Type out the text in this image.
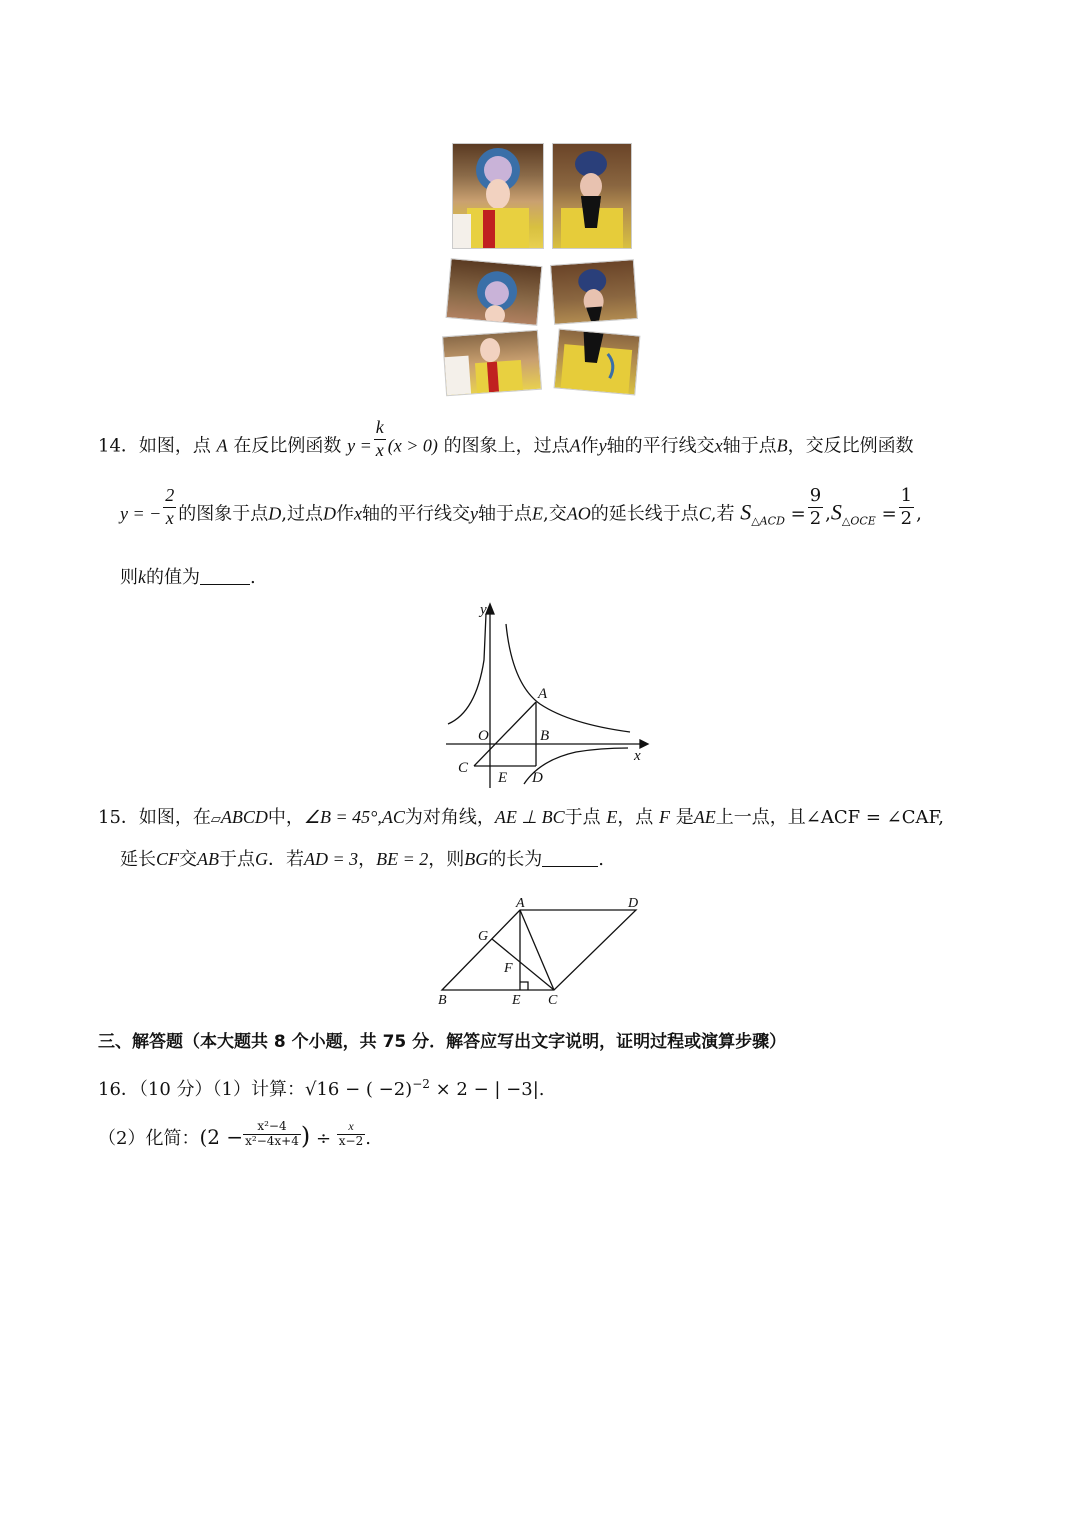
14．如图，点 A 在反比例函数 $y = \frac{k}{x} (x > 0)$ 的图象上，过点A作y轴的平行线交x轴于点B，交反比例函数
y = − $\frac{2}{x}$ 的图象于点D,过点D作x轴的平行线交y轴于点E,交AO的延长线于点C,若 $S_{\triangle ACD} = \frac{9}{2} ,S_{\triangle OCE} = \frac{1}{2}$ ,
则k的值为	.
y
x
A
O	B
C
E D
15．如图，在▱ABCD中，∠B = 45°,AC为对角线，AE ⊥ BC于点 E，点 F 是AE上一点，且∠ACF = ∠CAF,
延长CF交AB于点G．若AD = 3，BE = 2，则BG的长为	.
A	D
G
F
B	E C
三、解答题（本大题共 8 个小题，共 75 分．解答应写出文字说明，证明过程或演算步骤）
16．（10 分）（1）计算：√16 − ( −2)$^{-2}$ × 2 − | −3|.
（2）化简：($2 - \frac{\text{x²−4}}{\text{x²−4x+4}}$ ) ÷ $\frac{x}{x-2}$ .
